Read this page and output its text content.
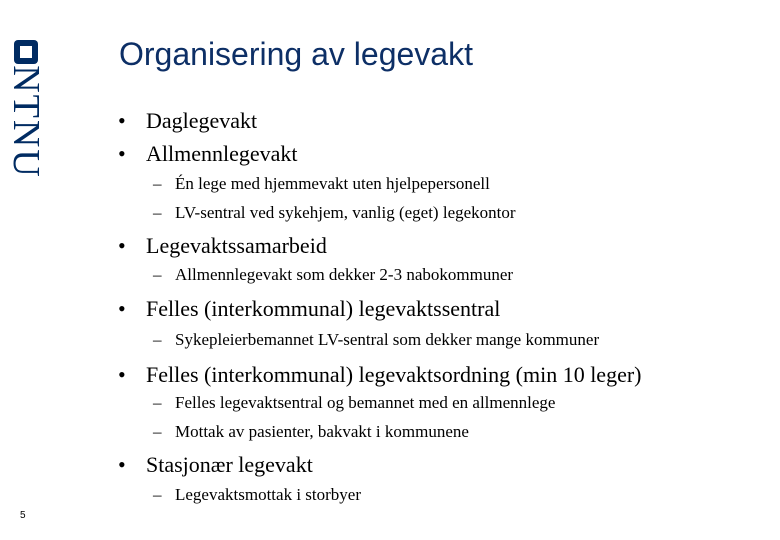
NTNU
Organisering av legevakt
• Daglegevakt
• Allmennlegevakt
– Én lege med hjemmevakt uten hjelpepersonell
– LV-sentral ved sykehjem, vanlig (eget) legekontor
• Legevaktssamarbeid
– Allmennlegevakt som dekker 2-3 nabokommuner
• Felles (interkommunal) legevaktssentral
– Sykepleierbemannet LV-sentral som dekker mange kommuner
• Felles (interkommunal) legevaktsordning (min 10 leger)
– Felles legevaktsentral og bemannet med en allmennlege
– Mottak av pasienter, bakvakt i kommunene
• Stasjonær legevakt
– Legevaktsmottak i storbyer
5
